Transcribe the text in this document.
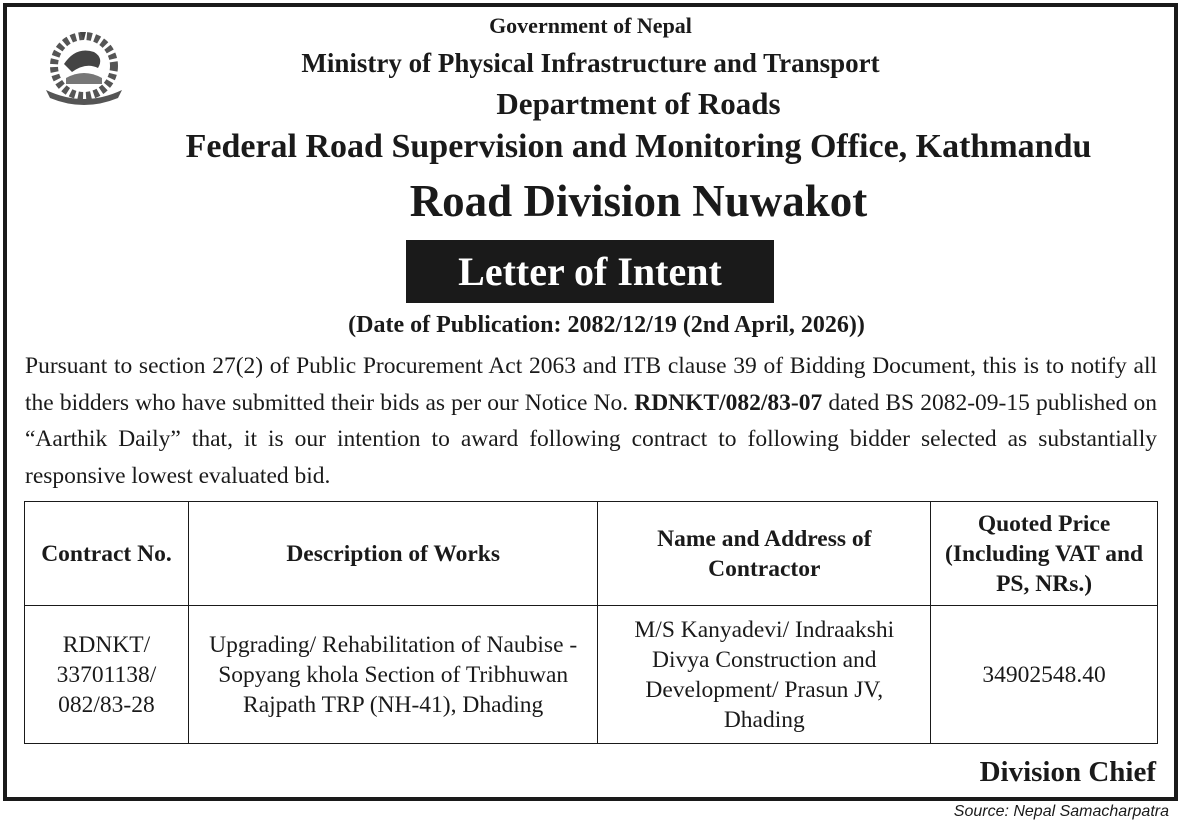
Government of Nepal
Ministry of Physical Infrastructure and Transport
Department of Roads
Federal Road Supervision and Monitoring Office, Kathmandu
Road Division Nuwakot
Letter of Intent
(Date of Publication: 2082/12/19 (2nd April, 2026))
Pursuant to section 27(2) of Public Procurement Act 2063 and ITB clause 39 of Bidding Document, this is to notify all the bidders who have submitted their bids as per our Notice No. RDNKT/082/83-07 dated BS 2082-09-15 published on “Aarthik Daily” that, it is our intention to award following contract to following bidder selected as substantially responsive lowest evaluated bid.
Contract No.	Description of Works	Name and Address of Contractor	Quoted Price (Including VAT and PS, NRs.)
RDNKT/ 33701138/ 082/83-28	Upgrading/ Rehabilitation of Naubise -Sopyang khola Section of Tribhuwan Rajpath TRP (NH-41), Dhading	M/S Kanyadevi/ Indraakshi Divya Construction and Development/ Prasun JV, Dhading	34902548.40
Division Chief
Source: Nepal Samacharpatra
